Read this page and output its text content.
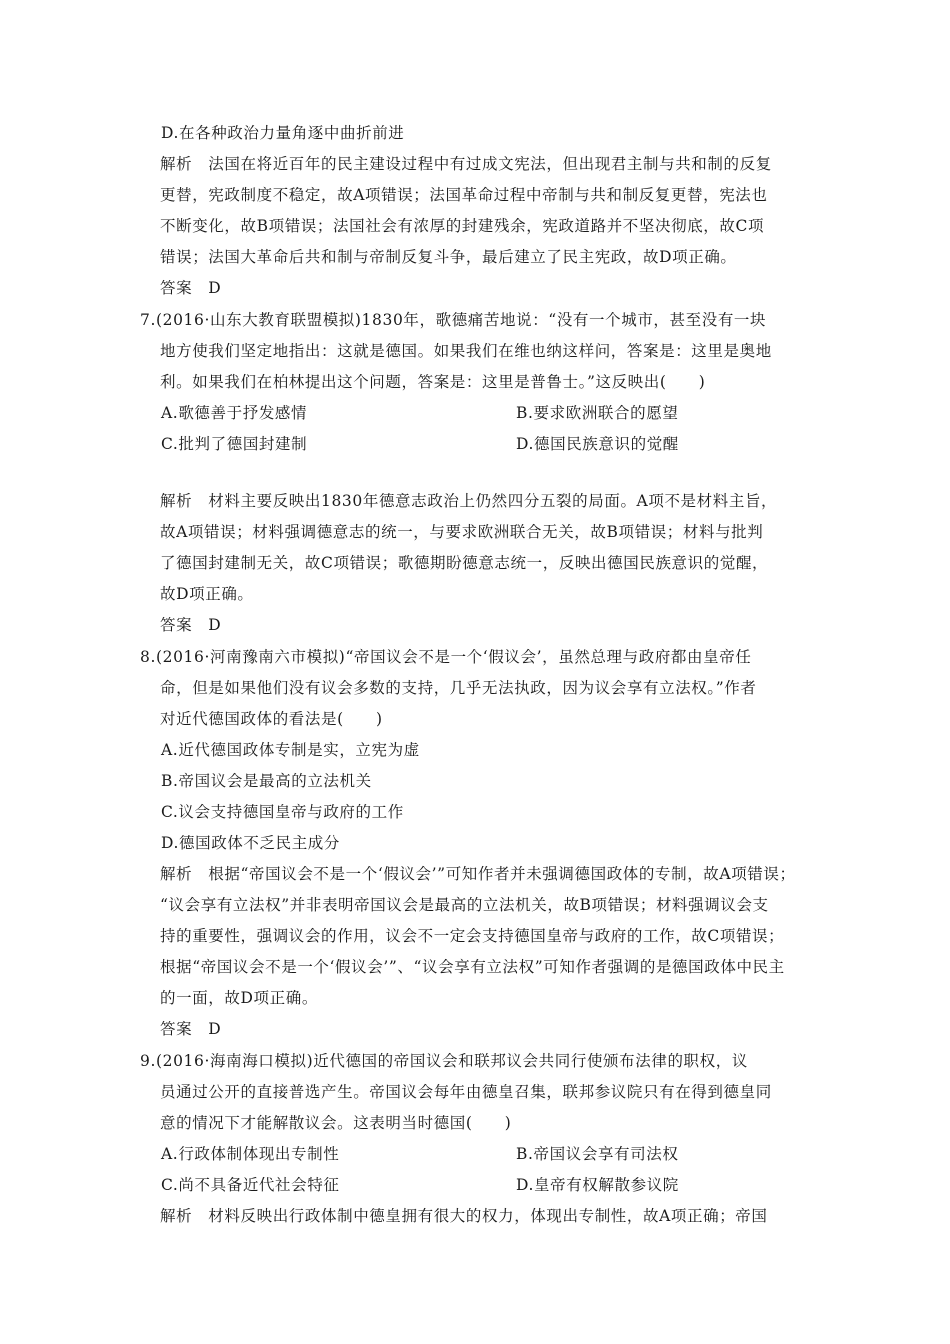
D.在各种政治力量角逐中曲折前进
解析　法国在将近百年的民主建设过程中有过成文宪法，但出现君主制与共和制的反复
更替，宪政制度不稳定，故A项错误；法国革命过程中帝制与共和制反复更替，宪法也
不断变化，故B项错误；法国社会有浓厚的封建残余，宪政道路并不坚决彻底，故C项
错误；法国大革命后共和制与帝制反复斗争，最后建立了民主宪政，故D项正确。
答案　D
7.(2016·山东大教育联盟模拟)1830年，歌德痛苦地说：“没有一个城市，甚至没有一块
地方使我们坚定地指出：这就是德国。如果我们在维也纳这样问，答案是：这里是奥地
利。如果我们在柏林提出这个问题，答案是：这里是普鲁士。”这反映出(　　)
A.歌德善于抒发感情	B.要求欧洲联合的愿望
C.批判了德国封建制	D.德国民族意识的觉醒
解析　材料主要反映出1830年德意志政治上仍然四分五裂的局面。A项不是材料主旨，
故A项错误；材料强调德意志的统一，与要求欧洲联合无关，故B项错误；材料与批判
了德国封建制无关，故C项错误；歌德期盼德意志统一，反映出德国民族意识的觉醒，
故D项正确。
答案　D
8.(2016·河南豫南六市模拟)“帝国议会不是一个‘假议会’，虽然总理与政府都由皇帝任
命，但是如果他们没有议会多数的支持，几乎无法执政，因为议会享有立法权。”作者
对近代德国政体的看法是(　　)
A.近代德国政体专制是实，立宪为虚
B.帝国议会是最高的立法机关
C.议会支持德国皇帝与政府的工作
D.德国政体不乏民主成分
解析　根据“帝国议会不是一个‘假议会’”可知作者并未强调德国政体的专制，故A项错误；
“议会享有立法权”并非表明帝国议会是最高的立法机关，故B项错误；材料强调议会支
持的重要性，强调议会的作用，议会不一定会支持德国皇帝与政府的工作，故C项错误；
根据“帝国议会不是一个‘假议会’”、“议会享有立法权”可知作者强调的是德国政体中民主
的一面，故D项正确。
答案　D
9.(2016·海南海口模拟)近代德国的帝国议会和联邦议会共同行使颁布法律的职权，议
员通过公开的直接普选产生。帝国议会每年由德皇召集，联邦参议院只有在得到德皇同
意的情况下才能解散议会。这表明当时德国(　　)
A.行政体制体现出专制性	B.帝国议会享有司法权
C.尚不具备近代社会特征	D.皇帝有权解散参议院
解析　材料反映出行政体制中德皇拥有很大的权力，体现出专制性，故A项正确；帝国
